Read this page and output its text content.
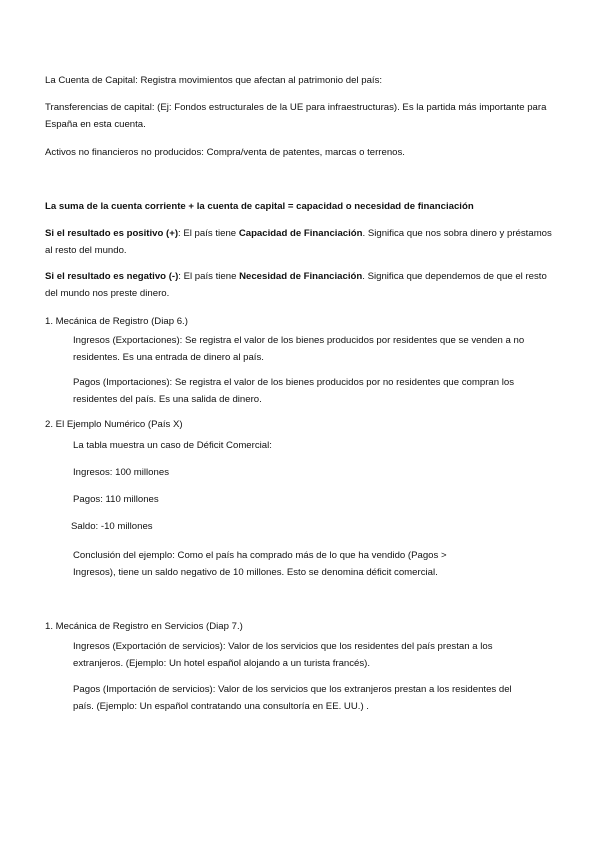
La Cuenta de Capital: Registra movimientos que afectan al patrimonio del país:

Transferencias de capital: (Ej: Fondos estructurales de la UE para infraestructuras). Es la partida más importante para España en esta cuenta.

Activos no financieros no producidos: Compra/venta de patentes, marcas o terrenos.

La suma de la cuenta corriente + la cuenta de capital = capacidad o necesidad de financiación

Si el resultado es positivo (+): El país tiene Capacidad de Financiación. Significa que nos sobra dinero y préstamos al resto del mundo.

Si el resultado es negativo (-): El país tiene Necesidad de Financiación. Significa que dependemos de que el resto del mundo nos preste dinero.

1. Mecánica de Registro (Diap 6.)

Ingresos (Exportaciones): Se registra el valor de los bienes producidos por residentes que se venden a no residentes. Es una entrada de dinero al país.

Pagos (Importaciones): Se registra el valor de los bienes producidos por no residentes que compran los residentes del país. Es una salida de dinero.

2. El Ejemplo Numérico (País X)

La tabla muestra un caso de Déficit Comercial:

Ingresos: 100 millones

Pagos: 110 millones

Saldo: -10 millones

Conclusión del ejemplo: Como el país ha comprado más de lo que ha vendido (Pagos > Ingresos), tiene un saldo negativo de 10 millones. Esto se denomina déficit comercial.

1. Mecánica de Registro en Servicios (Diap 7.)

Ingresos (Exportación de servicios): Valor de los servicios que los residentes del país prestan a los extranjeros. (Ejemplo: Un hotel español alojando a un turista francés).

Pagos (Importación de servicios): Valor de los servicios que los extranjeros prestan a los residentes del país. (Ejemplo: Un español contratando una consultoría en EE. UU.) .
